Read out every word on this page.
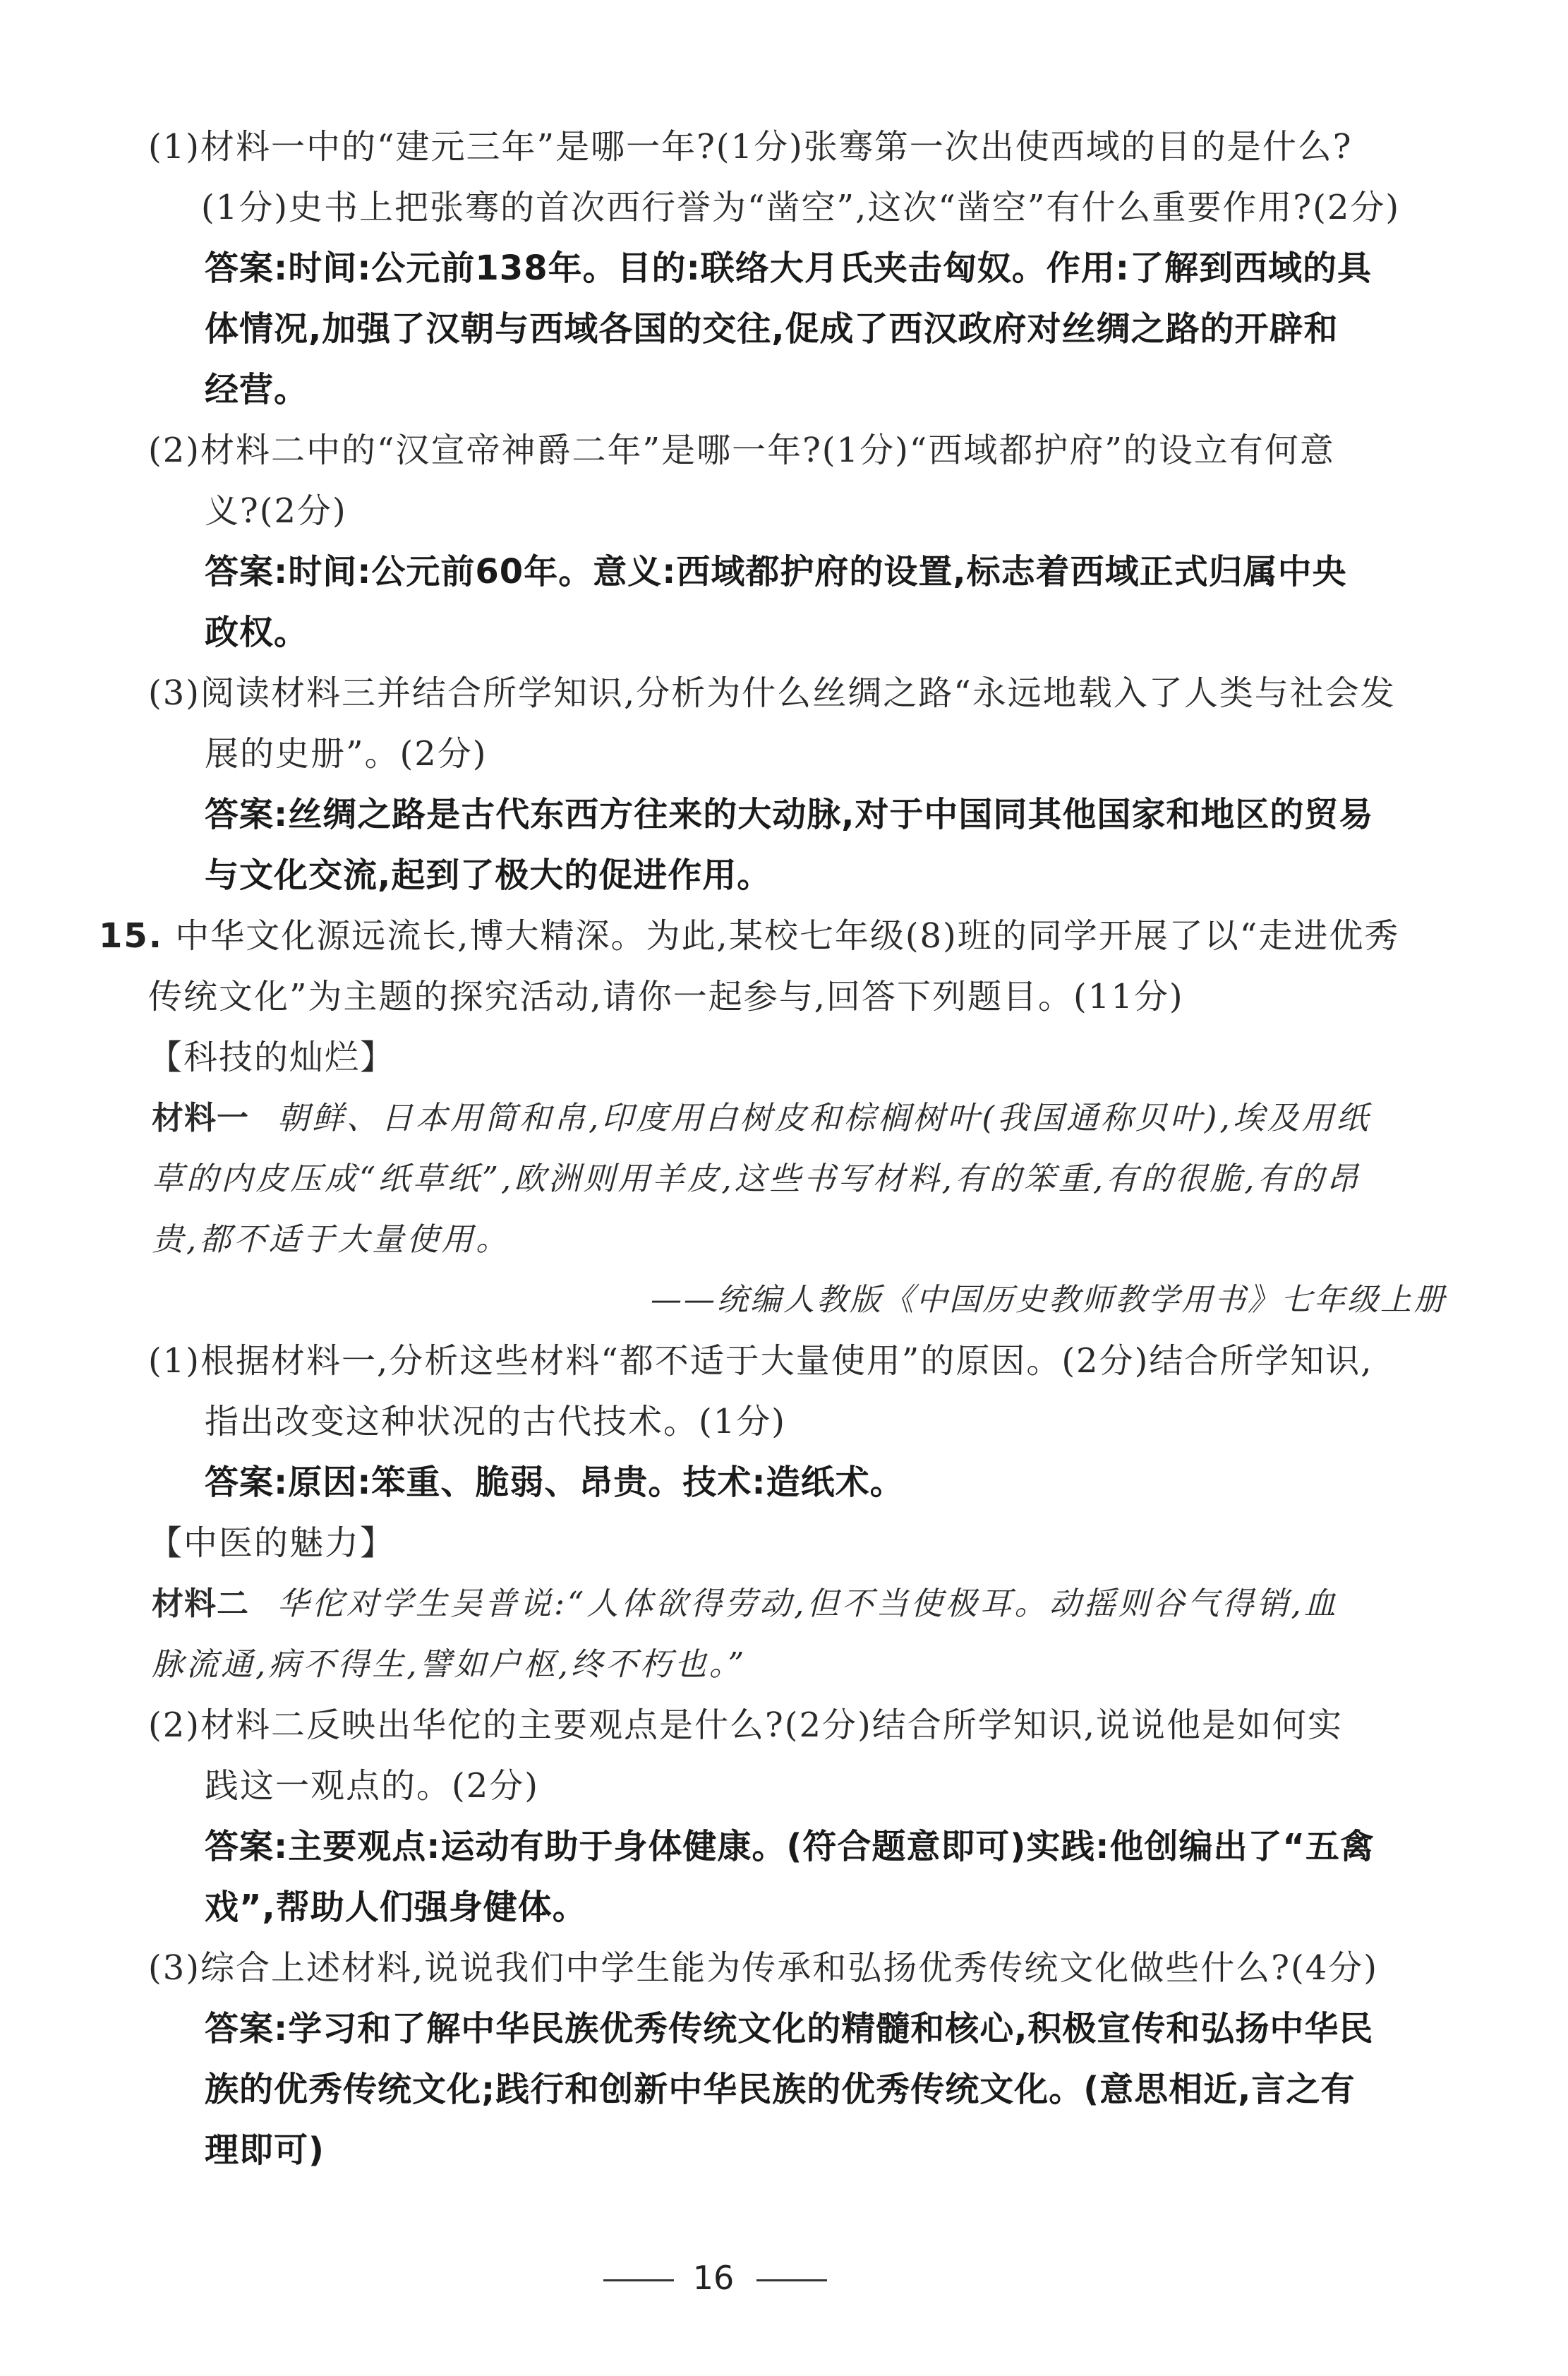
(1)材料一中的“建元三年”是哪一年?(1分)张骞第一次出使西域的目的是什么?
(1分)史书上把张骞的首次西行誉为“凿空”,这次“凿空”有什么重要作用?(2分)
答案:时间:公元前138年。目的:联络大月氏夹击匈奴。作用:了解到西域的具
体情况,加强了汉朝与西域各国的交往,促成了西汉政府对丝绸之路的开辟和
经营。
(2)材料二中的“汉宣帝神爵二年”是哪一年?(1分)“西域都护府”的设立有何意
义?(2分)
答案:时间:公元前60年。意义:西域都护府的设置,标志着西域正式归属中央
政权。
(3)阅读材料三并结合所学知识,分析为什么丝绸之路“永远地载入了人类与社会发
展的史册”。(2分)
答案:丝绸之路是古代东西方往来的大动脉,对于中国同其他国家和地区的贸易
与文化交流,起到了极大的促进作用。
15. 中华文化源远流长,博大精深。为此,某校七年级(8)班的同学开展了以“走进优秀
传统文化”为主题的探究活动,请你一起参与,回答下列题目。(11分)
【科技的灿烂】
材料一 朝鲜、日本用简和帛,印度用白树皮和棕榈树叶(我国通称贝叶),埃及用纸
草的内皮压成“纸草纸”,欧洲则用羊皮,这些书写材料,有的笨重,有的很脆,有的昂
贵,都不适于大量使用。
——统编人教版《中国历史教师教学用书》七年级上册
(1)根据材料一,分析这些材料“都不适于大量使用”的原因。(2分)结合所学知识,
指出改变这种状况的古代技术。(1分)
答案:原因:笨重、脆弱、昂贵。技术:造纸术。
【中医的魅力】
材料二 华佗对学生吴普说:“人体欲得劳动,但不当使极耳。动摇则谷气得销,血
脉流通,病不得生,譬如户枢,终不朽也。”
(2)材料二反映出华佗的主要观点是什么?(2分)结合所学知识,说说他是如何实
践这一观点的。(2分)
答案:主要观点:运动有助于身体健康。(符合题意即可)实践:他创编出了“五禽
戏”,帮助人们强身健体。
(3)综合上述材料,说说我们中学生能为传承和弘扬优秀传统文化做些什么?(4分)
答案:学习和了解中华民族优秀传统文化的精髓和核心,积极宣传和弘扬中华民
族的优秀传统文化;践行和创新中华民族的优秀传统文化。(意思相近,言之有
理即可)
16
